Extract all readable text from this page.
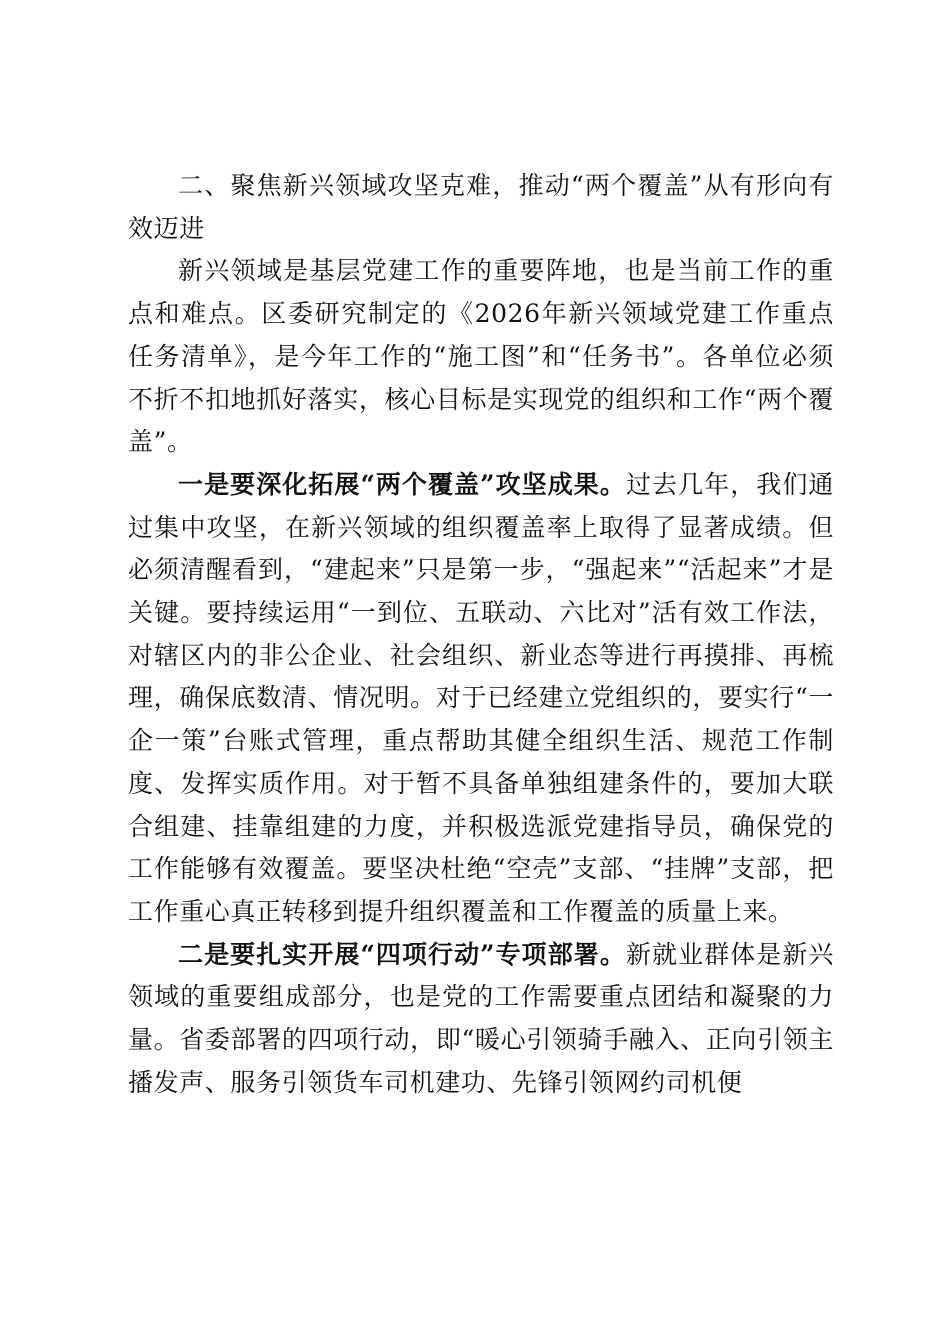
二、聚焦新兴领域攻坚克难，推动“两个覆盖”从有形向有效迈进

新兴领域是基层党建工作的重要阵地，也是当前工作的重点和难点。区委研究制定的《2026年新兴领域党建工作重点任务清单》，是今年工作的“施工图”和“任务书”。各单位必须不折不扣地抓好落实，核心目标是实现党的组织和工作“两个覆盖”。

一是要深化拓展“两个覆盖”攻坚成果。过去几年，我们通过集中攻坚，在新兴领域的组织覆盖率上取得了显著成绩。但必须清醒看到，“建起来”只是第一步，“强起来”“活起来”才是关键。要持续运用“一到位、五联动、六比对”活有效工作法，对辖区内的非公企业、社会组织、新业态等进行再摸排、再梳理，确保底数清、情况明。对于已经建立党组织的，要实行“一企一策”台账式管理，重点帮助其健全组织生活、规范工作制度、发挥实质作用。对于暂不具备单独组建条件的，要加大联合组建、挂靠组建的力度，并积极选派党建指导员，确保党的工作能够有效覆盖。要坚决杜绝“空壳”支部、“挂牌”支部，把工作重心真正转移到提升组织覆盖和工作覆盖的质量上来。

二是要扎实开展“四项行动”专项部署。新就业群体是新兴领域的重要组成部分，也是党的工作需要重点团结和凝聚的力量。省委部署的四项行动，即“暖心引领骑手融入、正向引领主播发声、服务引领货车司机建功、先锋引领网约司机便
